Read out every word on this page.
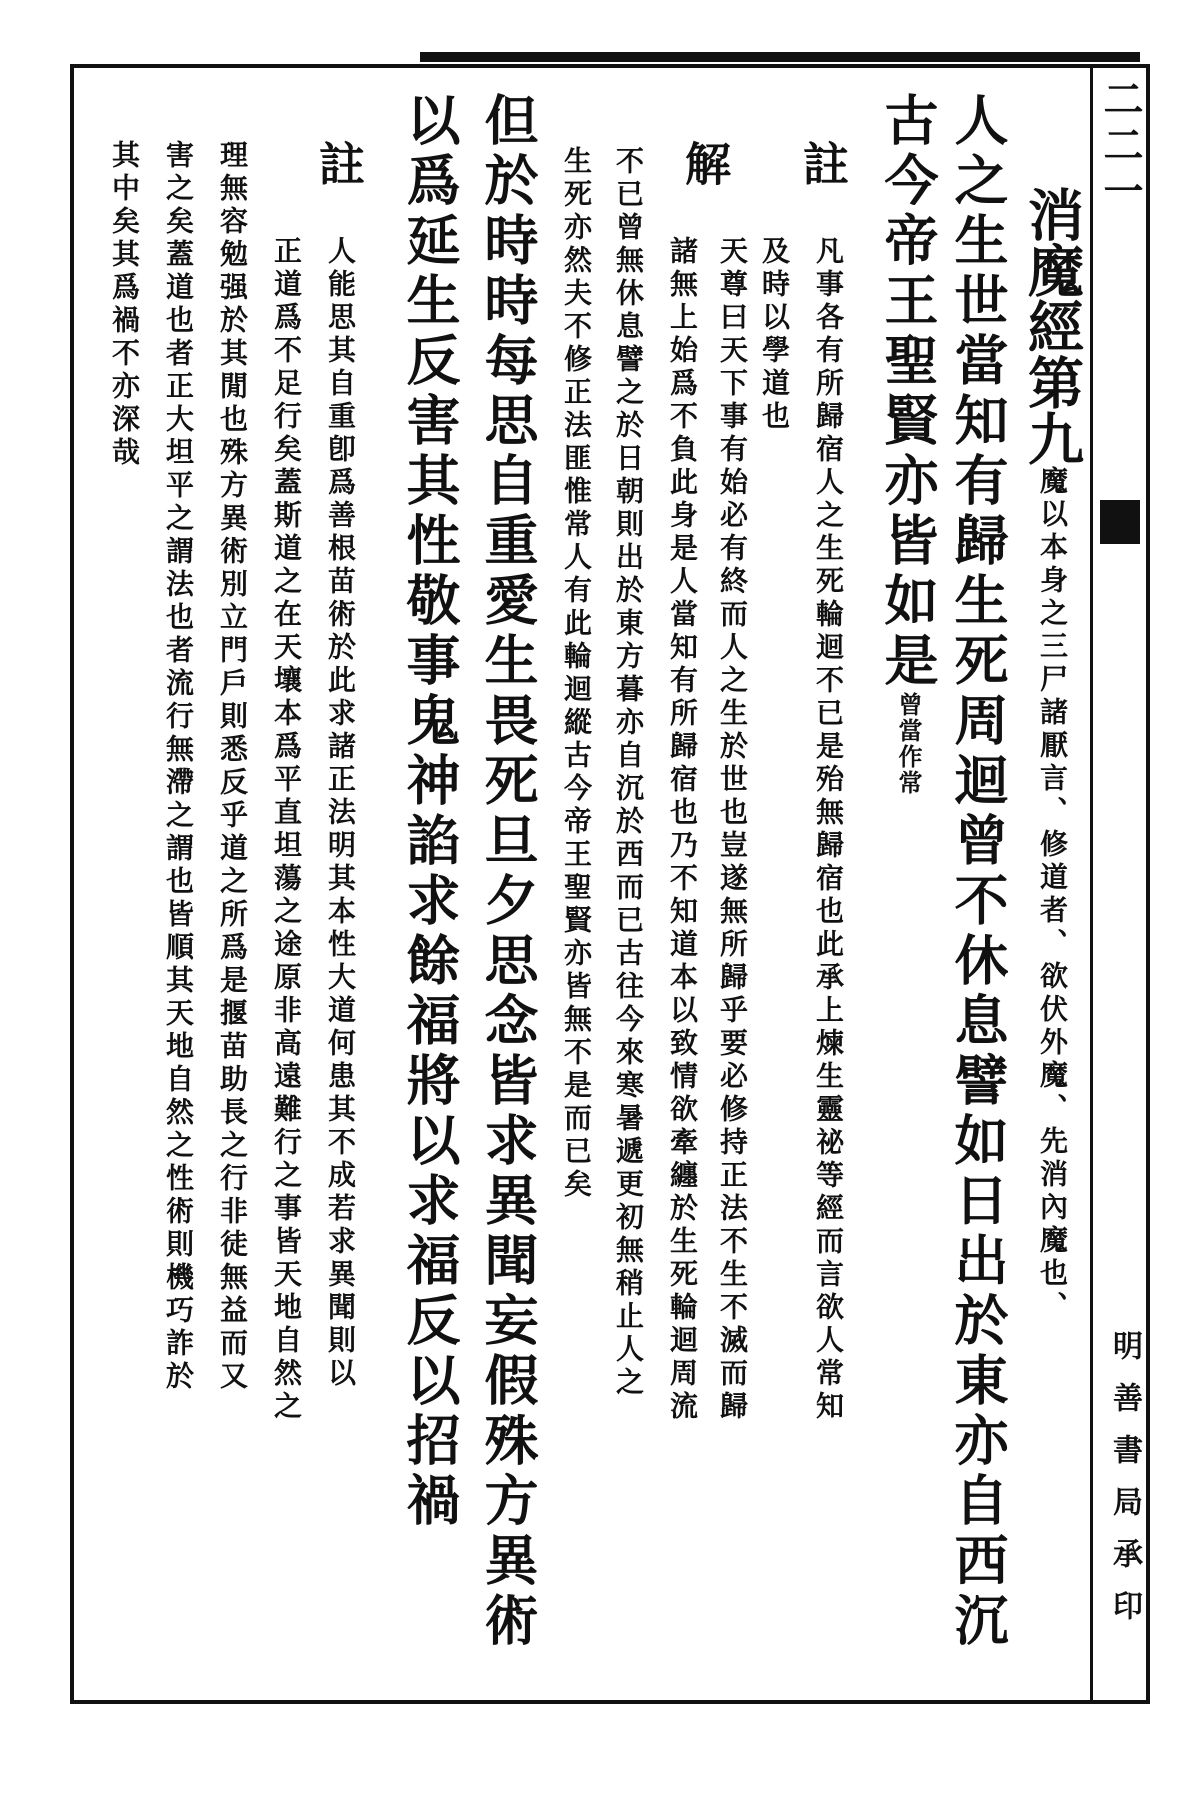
二二一
明善書局承印
消魔經第九魔以本身之三尸諸厭言、修道者、欲伏外魔、先消內魔也、
人之生世當知有歸生死周迴曾不休息譬如日出於東亦自西沉
古今帝王聖賢亦皆如是曾當作常
註
凡事各有所歸宿人之生死輪迴不已是殆無歸宿也此承上煉生靈祕等經而言欲人常知
及時以學道也
解
天尊曰天下事有始必有終而人之生於世也豈遂無所歸乎要必修持正法不生不滅而歸
諸無上始爲不負此身是人當知有所歸宿也乃不知道本以致情欲牽纏於生死輪迴周流
不已曾無休息譬之於日朝則出於東方暮亦自沉於西而已古往今來寒暑遞更初無稍止人之
生死亦然夫不修正法匪惟常人有此輪迴縱古今帝王聖賢亦皆無不是而已矣
但於時時每思自重愛生畏死旦夕思念皆求異聞妄假殊方異術
以爲延生反害其性敬事鬼神諂求餘福將以求福反以招禍
註
人能思其自重卽爲善根苗術於此求諸正法明其本性大道何患其不成若求異聞則以
正道爲不足行矣蓋斯道之在天壤本爲平直坦蕩之途原非高遠難行之事皆天地自然之
理無容勉强於其閒也殊方異術別立門戶則悉反乎道之所爲是揠苗助長之行非徒無益而又
害之矣蓋道也者正大坦平之謂法也者流行無滯之謂也皆順其天地自然之性術則機巧詐於
其中矣其爲禍不亦深哉
